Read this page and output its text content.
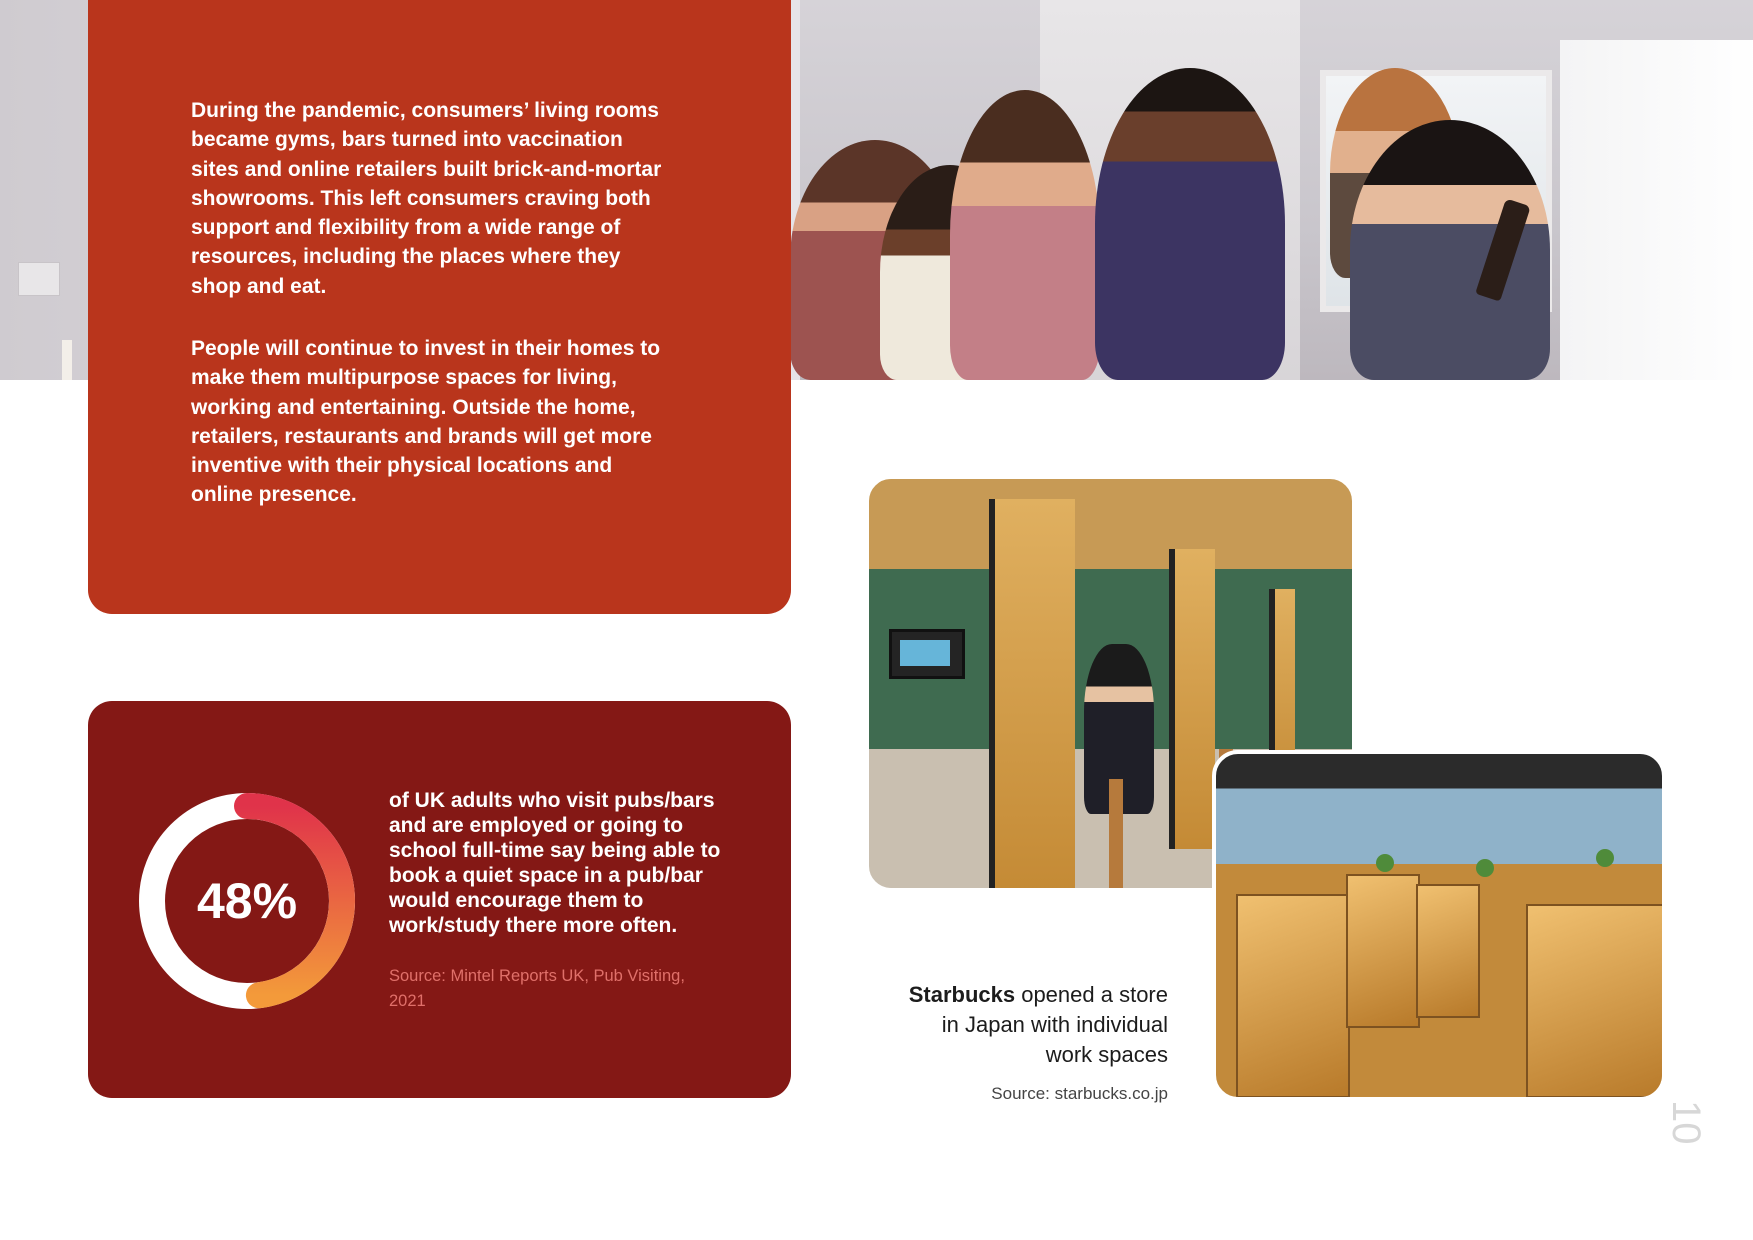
During the pandemic, consumers’ living rooms became gyms, bars turned into vaccination sites and online retailers built brick-and-mortar showrooms. This left consumers craving both support and flexibility from a wide range of resources, including the places where they shop and eat.

People will continue to invest in their homes to make them multipurpose spaces for living, working and entertaining. Outside the home, retailers, restaurants and brands will get more inventive with their physical locations and online presence.

48%

of UK adults who visit pubs/bars and are employed or going to school full-time say being able to book a quiet space in a pub/bar would encourage them to work/study there more often.

Source: Mintel Reports UK, Pub Visiting, 2021	Starbucks opened a store in Japan with individual work spaces

Source: starbucks.co.jp

10
